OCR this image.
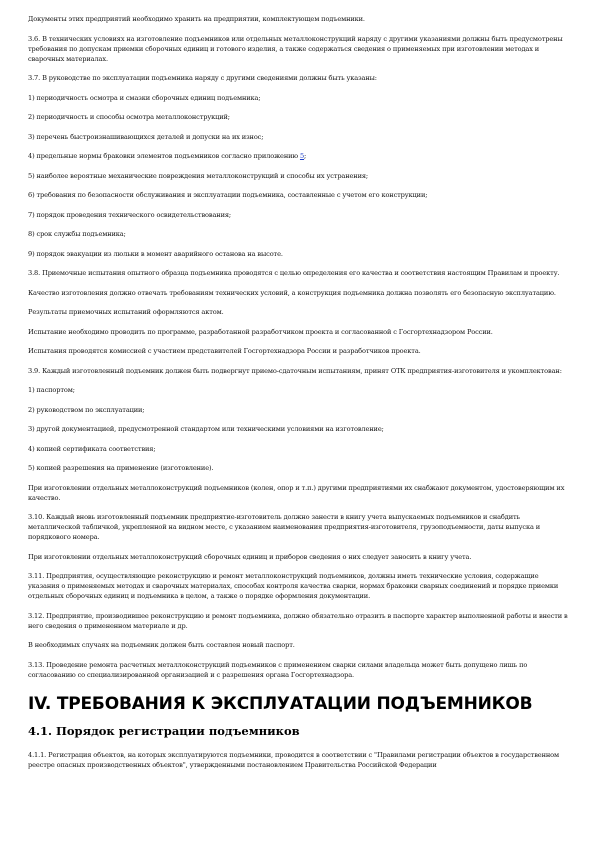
Документы этих предприятий необходимо хранить на предприятии, комплектующем подъемники.

3.6. В технических условиях на изготовление подъемников или отдельных металлоконструкций наряду с другими указаниями должны быть предусмотрены требования по допускам приемки сборочных единиц и готового изделия, а также содержаться сведения о применяемых при изготовлении методах и сварочных материалах.

3.7. В руководстве по эксплуатации подъемника наряду с другими сведениями должны быть указаны:

1) периодичность осмотра и смазки сборочных единиц подъемника;

2) периодичность и способы осмотра металлоконструкций;

3) перечень быстроизнашивающихся деталей и допуски на их износ;

4) предельные нормы браковки элементов подъемников согласно приложению 5;

5) наиболее вероятные механические повреждения металлоконструкций и способы их устранения;

6) требования по безопасности обслуживания и эксплуатации подъемника, составленные с учетом его конструкции;

7) порядок проведения технического освидетельствования;

8) срок службы подъемника;

9) порядок эвакуации из люльки в момент аварийного останова на высоте.

3.8. Приемочные испытания опытного образца подъемника проводятся с целью определения его качества и соответствия настоящим Правилам и проекту.

Качество изготовления должно отвечать требованиям технических условий, а конструкция подъемника должна позволять его безопасную эксплуатацию.

Результаты приемочных испытаний оформляются актом.

Испытание необходимо проводить по программе, разработанной разработчиком проекта и согласованной с Госгортехнадзором России.

Испытания проводятся комиссией с участием представителей Госгортехнадзора России и разработчиков проекта.

3.9. Каждый изготовленный подъемник должен быть подвергнут приемо-сдаточным испытаниям, принят ОТК предприятия-изготовителя и укомплектован:

1) паспортом;

2) руководством по эксплуатации;

3) другой документацией, предусмотренной стандартом или техническими условиями на изготовление;

4) копией сертификата соответствия;

5) копией разрешения на применение (изготовление).

При изготовлении отдельных металлоконструкций подъемников (колен, опор и т.п.) другими предприятиями их снабжают документом, удостоверяющим их качество.

3.10. Каждый вновь изготовленный подъемник предприятие-изготовитель должно занести в книгу учета выпускаемых подъемников и снабдить металлической табличкой, укрепленной на видном месте, с указанием наименования предприятия-изготовителя, грузоподъемности, даты выпуска и порядкового номера.

При изготовлении отдельных металлоконструкций сборочных единиц и приборов сведения о них следует заносить в книгу учета.

3.11. Предприятия, осуществляющие реконструкцию и ремонт металлоконструкций подъемников, должны иметь технические условия, содержащие указания о применяемых методах и сварочных материалах, способах контроля качества сварки, нормах браковки сварных соединений и порядке приемки отдельных сборочных единиц и подъемника в целом, а также о порядке оформления документации.

3.12. Предприятие, производившее реконструкцию и ремонт подъемника, должно обязательно отразить в паспорте характер выполненной работы и внести в него сведения о примененном материале и др.

В необходимых случаях на подъемник должен быть составлен новый паспорт.

3.13. Проведение ремонта расчетных металлоконструкций подъемников с применением сварки силами владельца может быть допущено лишь по согласованию со специализированной организацией и с разрешения органа Госгортехнадзора.

IV. ТРЕБОВАНИЯ К ЭКСПЛУАТАЦИИ ПОДЪЕМНИКОВ
4.1. Порядок регистрации подъемников

4.1.1. Регистрация объектов, на которых эксплуатируются подъемники, проводится в соответствии с "Правилами регистрации объектов в государственном реестре опасных производственных объектов", утвержденными постановлением Правительства Российской Федерации
